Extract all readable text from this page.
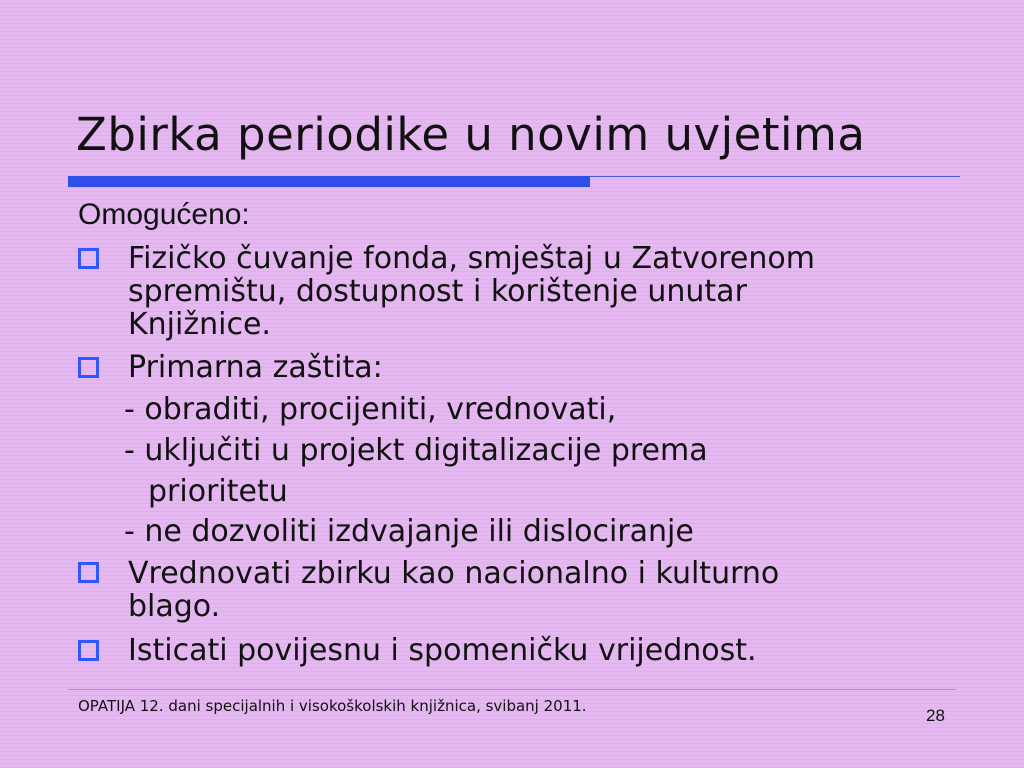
Zbirka periodike u novim uvjetima
Omogućeno:
Fizičko čuvanje fonda, smještaj u Zatvorenom
spremištu, dostupnost i korištenje unutar
Knjižnice.
Primarna zaštita:
- obraditi, procijeniti, vrednovati,
- uključiti u projekt digitalizacije prema
prioritetu
- ne dozvoliti izdvajanje ili dislociranje
Vrednovati zbirku kao nacionalno i kulturno
blago.
Isticati povijesnu i spomeničku vrijednost.
OPATIJA 12. dani specijalnih i visokoškolskih knjižnica, svibanj 2011.	28
